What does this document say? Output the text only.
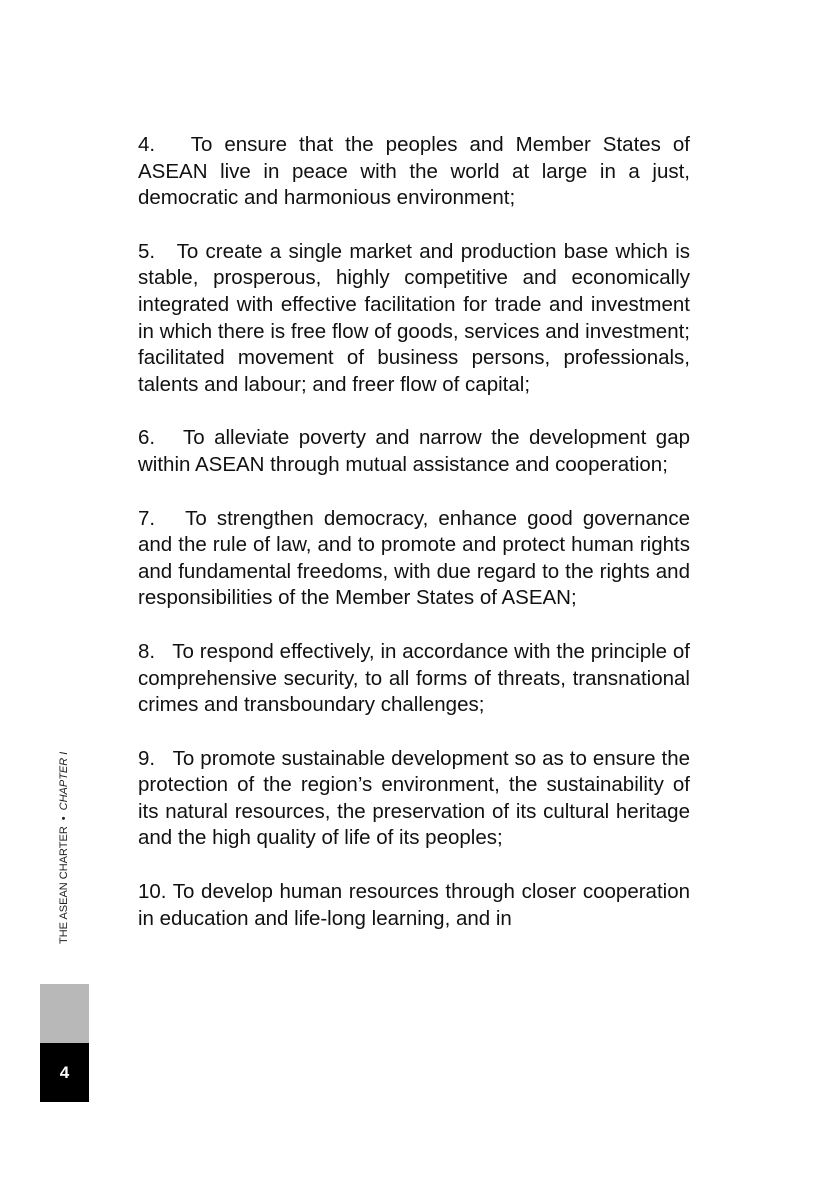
4. To ensure that the peoples and Member States of ASEAN live in peace with the world at large in a just, democratic and harmonious environment;

5. To create a single market and production base which is stable, prosperous, highly competitive and economically integrated with effective facilitation for trade and investment in which there is free flow of goods, services and investment; facilitated movement of business persons, professionals, talents and labour; and freer flow of capital;

6. To alleviate poverty and narrow the development gap within ASEAN through mutual assistance and cooperation;

7. To strengthen democracy, enhance good governance and the rule of law, and to promote and protect human rights and fundamental freedoms, with due regard to the rights and responsibilities of the Member States of ASEAN;

8. To respond effectively, in accordance with the principle of comprehensive security, to all forms of threats, transnational crimes and transboundary challenges;

9. To promote sustainable development so as to ensure the protection of the region’s environment, the sustainability of its natural resources, the preservation of its cultural heritage and the high quality of life of its peoples;

10. To develop human resources through closer cooperation in education and life-long learning, and in

THE ASEAN CHARTER•CHAPTER I
4
